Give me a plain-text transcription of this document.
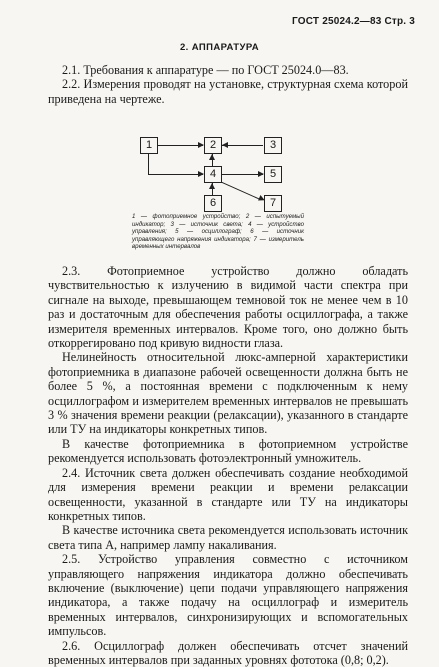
ГОСТ 25024.2—83 Стр. 3
2. АППАРАТУРА

2.1. Требования к аппаратуре — по ГОСТ 25024.0—83.

2.2. Измерения проводят на установке, структурная схема которой приведена на чертеже.

1	2	3
4	5
6	7
1 — фотоприемное устройство; 2 — испытуемый индикатор; 3 — источник света; 4 — устройство управления; 5 — осциллограф; 6 — источник управляющего напряжения индикатора; 7 — измеритель временных интервалов

2.3. Фотоприемное устройство должно обладать чувствительностью к излучению в видимой части спектра при сигнале на выходе, превышающем темновой ток не менее чем в 10 раз и достаточным для обеспечения работы осциллографа, а также измерителя временных интервалов. Кроме того, оно должно быть откоррегировано под кривую видности глаза.

Нелинейность относительной люкс-амперной характеристики фотоприемника в диапазоне рабочей освещенности должна быть не более 5 %, а постоянная времени с подключенным к нему осциллографом и измерителем временных интервалов не превышать 3 % значения времени реакции (релаксации), указанного в стандарте или ТУ на индикаторы конкретных типов.

В качестве фотоприемника в фотоприемном устройстве рекомендуется использовать фотоэлектронный умножитель.

2.4. Источник света должен обеспечивать создание необходимой для измерения времени реакции и времени релаксации освещенности, указанной в стандарте или ТУ на индикаторы конкретных типов.

В качестве источника света рекомендуется использовать источник света типа А, например лампу накаливания.

2.5. Устройство управления совместно с источником управляющего напряжения индикатора должно обеспечивать включение (выключение) цепи подачи управляющего напряжения индикатора, а также подачу на осциллограф и измеритель временных интервалов, синхронизирующих и вспомогательных импульсов.

2.6. Осциллограф должен обеспечивать отсчет значений временных интервалов при заданных уровнях фототока (0,8; 0,2).
